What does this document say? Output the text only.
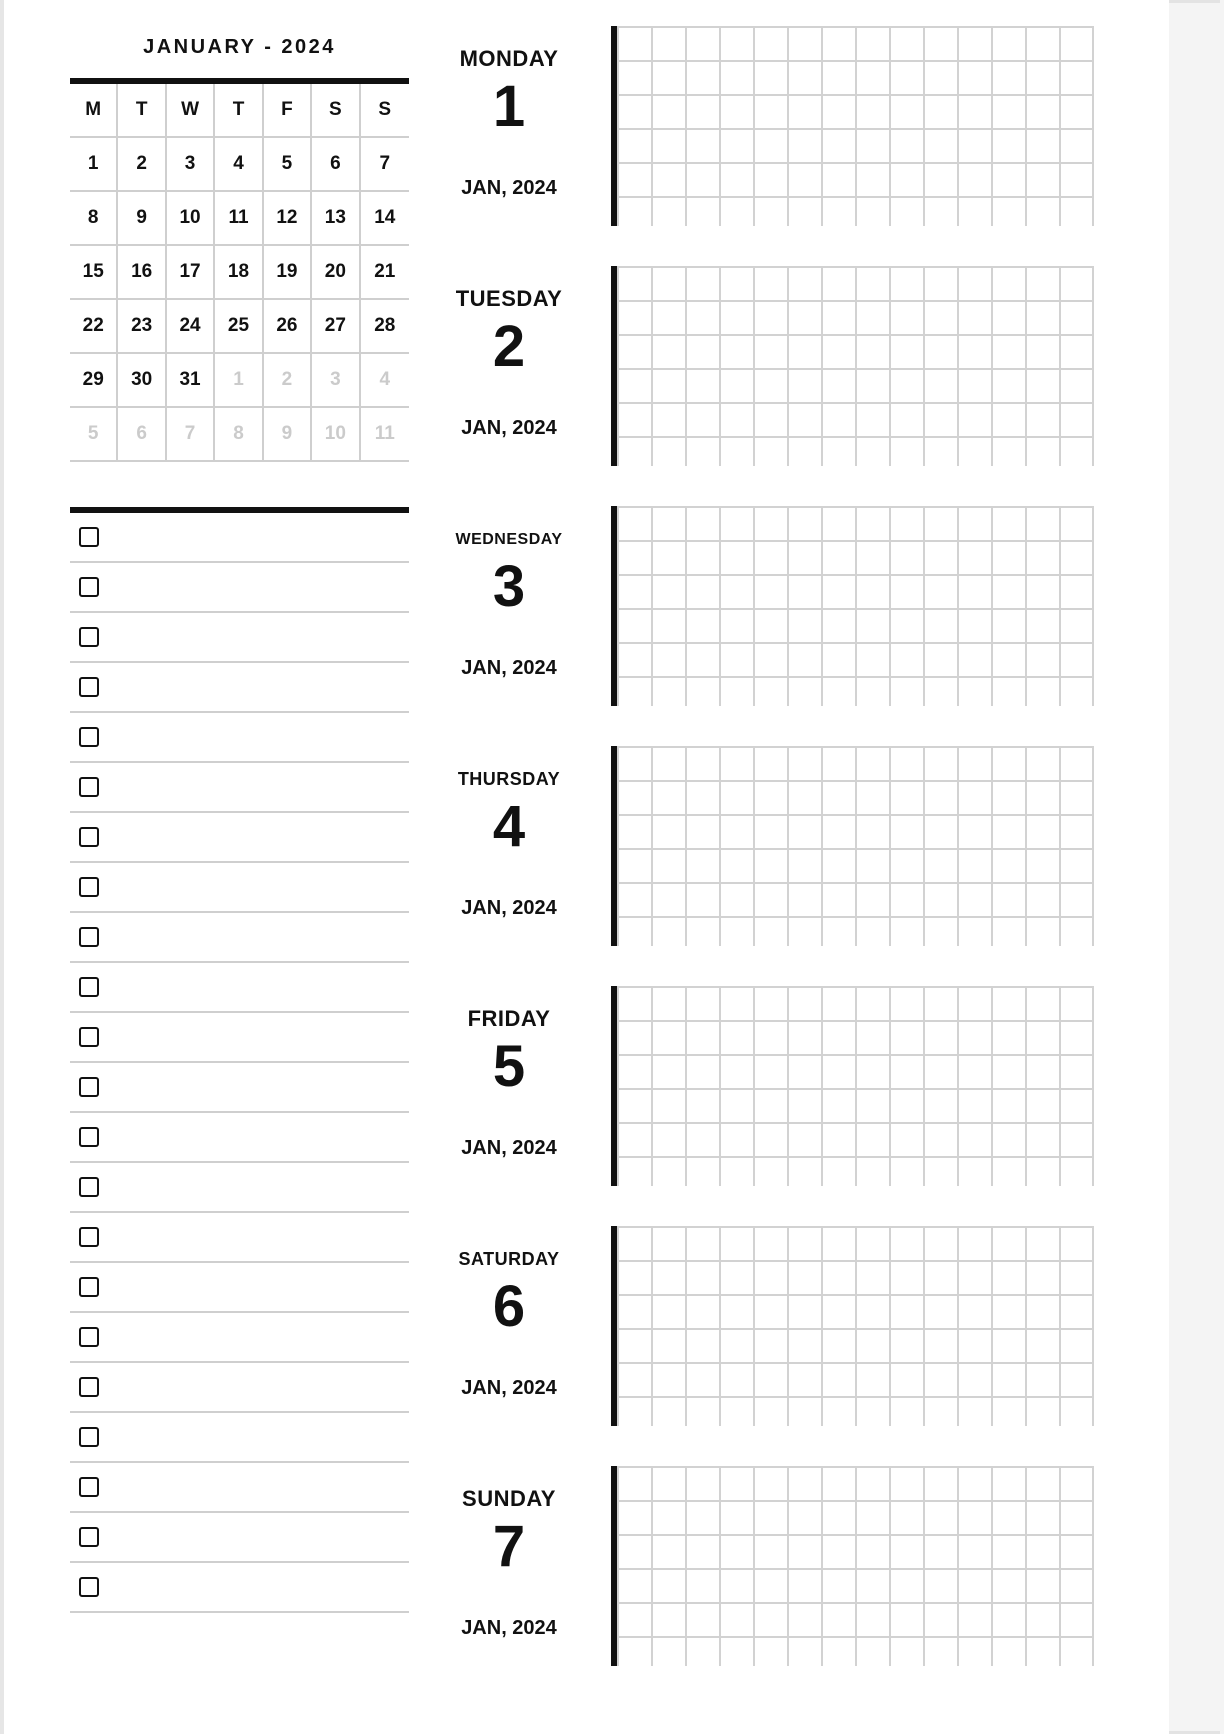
JANUARY - 2024
M	T	W	T	F	S	S
1	2	3	4	5	6	7
8	9	10	11	12	13	14
15	16	17	18	19	20	21
22	23	24	25	26	27	28
29	30	31	1	2	3	4
5	6	7	8	9	10	11
MONDAY
1
JAN, 2024
TUESDAY
2
JAN, 2024
WEDNESDAY
3
JAN, 2024
THURSDAY
4
JAN, 2024
FRIDAY
5
JAN, 2024
SATURDAY
6
JAN, 2024
SUNDAY
7
JAN, 2024
